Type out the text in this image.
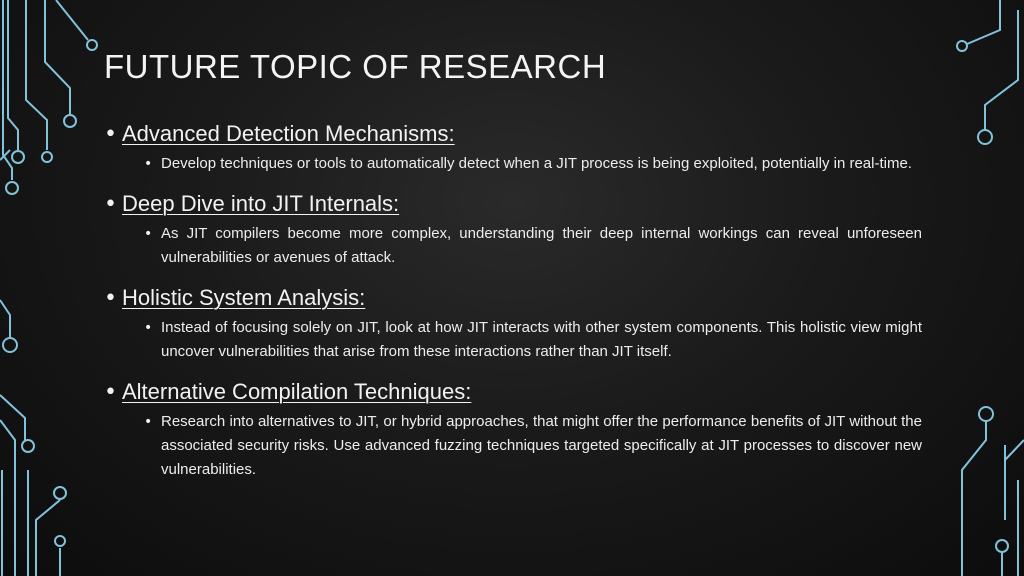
FUTURE TOPIC OF RESEARCH
• Advanced Detection Mechanisms:
• Develop techniques or tools to automatically detect when a JIT process is being exploited, potentially in real-time.
• Deep Dive into JIT Internals:
• As JIT compilers become more complex, understanding their deep internal workings can reveal unforeseen vulnerabilities or avenues of attack.
• Holistic System Analysis:
• Instead of focusing solely on JIT, look at how JIT interacts with other system components. This holistic view might uncover vulnerabilities that arise from these interactions rather than JIT itself.
• Alternative Compilation Techniques:
• Research into alternatives to JIT, or hybrid approaches, that might offer the performance benefits of JIT without the associated security risks. Use advanced fuzzing techniques targeted specifically at JIT processes to discover new vulnerabilities.
